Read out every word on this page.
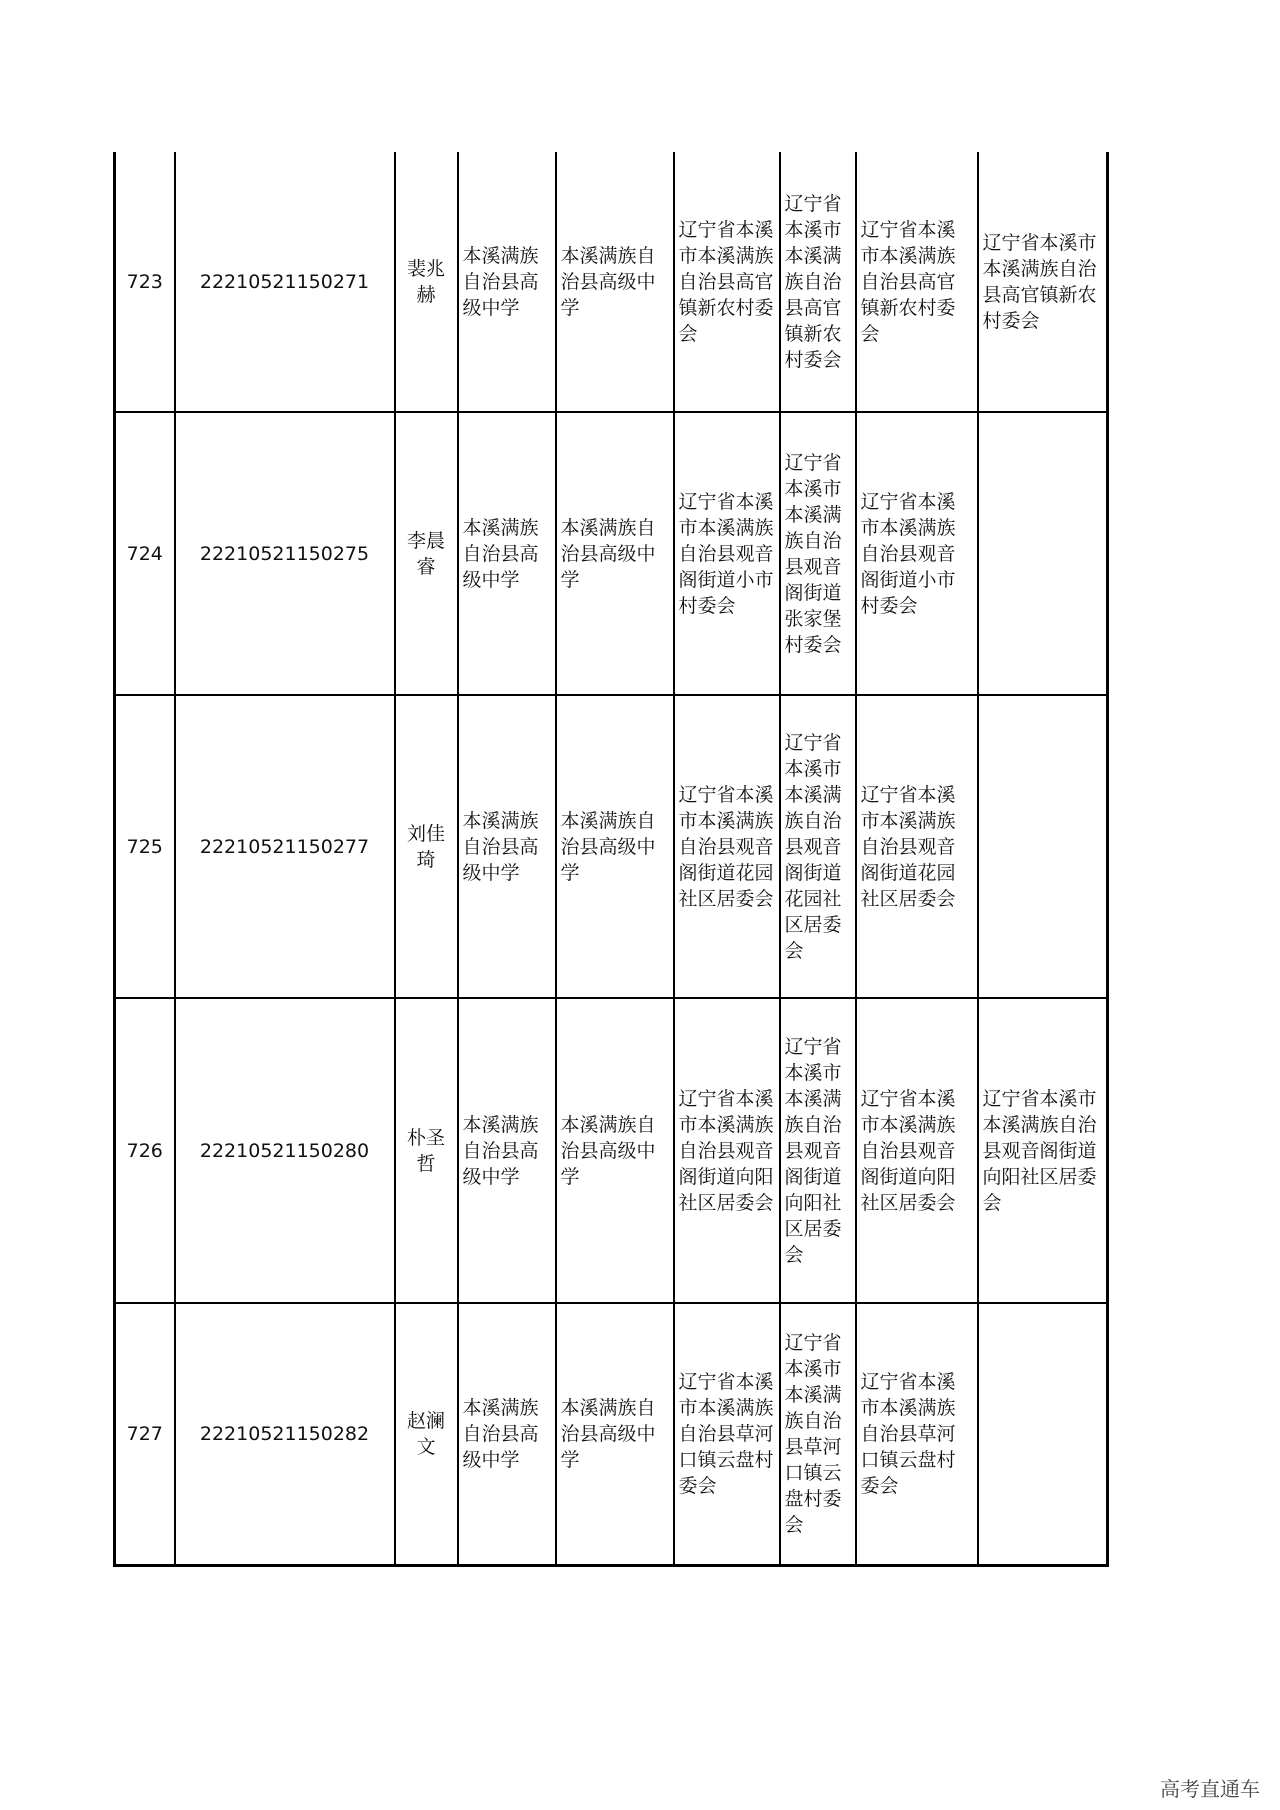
723	22210521150271	裴兆赫	本溪满族自治县高级中学	本溪满族自治县高级中学	辽宁省本溪市本溪满族自治县高官镇新农村委会	辽宁省本溪市本溪满族自治县高官镇新农村委会	辽宁省本溪市本溪满族自治县高官镇新农村委会	辽宁省本溪市本溪满族自治县高官镇新农村委会
724	22210521150275	李晨睿	本溪满族自治县高级中学	本溪满族自治县高级中学	辽宁省本溪市本溪满族自治县观音阁街道小市村委会	辽宁省本溪市本溪满族自治县观音阁街道张家堡村委会	辽宁省本溪市本溪满族自治县观音阁街道小市村委会	
725	22210521150277	刘佳琦	本溪满族自治县高级中学	本溪满族自治县高级中学	辽宁省本溪市本溪满族自治县观音阁街道花园社区居委会	辽宁省本溪市本溪满族自治县观音阁街道花园社区居委会	辽宁省本溪市本溪满族自治县观音阁街道花园社区居委会	
726	22210521150280	朴圣哲	本溪满族自治县高级中学	本溪满族自治县高级中学	辽宁省本溪市本溪满族自治县观音阁街道向阳社区居委会	辽宁省本溪市本溪满族自治县观音阁街道向阳社区居委会	辽宁省本溪市本溪满族自治县观音阁街道向阳社区居委会	辽宁省本溪市本溪满族自治县观音阁街道向阳社区居委会
727	22210521150282	赵澜文	本溪满族自治县高级中学	本溪满族自治县高级中学	辽宁省本溪市本溪满族自治县草河口镇云盘村委会	辽宁省本溪市本溪满族自治县草河口镇云盘村委会	辽宁省本溪市本溪满族自治县草河口镇云盘村委会	
高考直通车
